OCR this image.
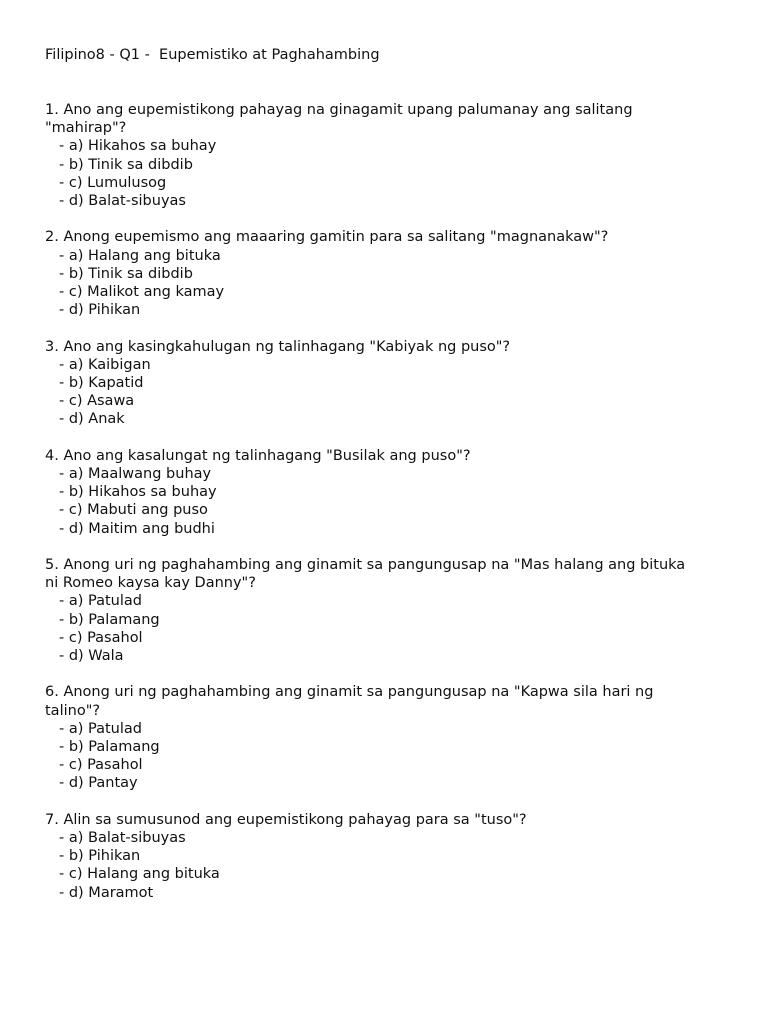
Filipino8 - Q1 -  Eupemistiko at Paghahambing
1. Ano ang eupemistikong pahayag na ginagamit upang palumanay ang salitang
"mahirap"?
- a) Hikahos sa buhay
- b) Tinik sa dibdib
- c) Lumulusog
- d) Balat-sibuyas
2. Anong eupemismo ang maaaring gamitin para sa salitang "magnanakaw"?
- a) Halang ang bituka
- b) Tinik sa dibdib
- c) Malikot ang kamay
- d) Pihikan
3. Ano ang kasingkahulugan ng talinhagang "Kabiyak ng puso"?
- a) Kaibigan
- b) Kapatid
- c) Asawa
- d) Anak
4. Ano ang kasalungat ng talinhagang "Busilak ang puso"?
- a) Maalwang buhay
- b) Hikahos sa buhay
- c) Mabuti ang puso
- d) Maitim ang budhi
5. Anong uri ng paghahambing ang ginamit sa pangungusap na "Mas halang ang bituka
ni Romeo kaysa kay Danny"?
- a) Patulad
- b) Palamang
- c) Pasahol
- d) Wala
6. Anong uri ng paghahambing ang ginamit sa pangungusap na "Kapwa sila hari ng
talino"?
- a) Patulad
- b) Palamang
- c) Pasahol
- d) Pantay
7. Alin sa sumusunod ang eupemistikong pahayag para sa "tuso"?
- a) Balat-sibuyas
- b) Pihikan
- c) Halang ang bituka
- d) Maramot
